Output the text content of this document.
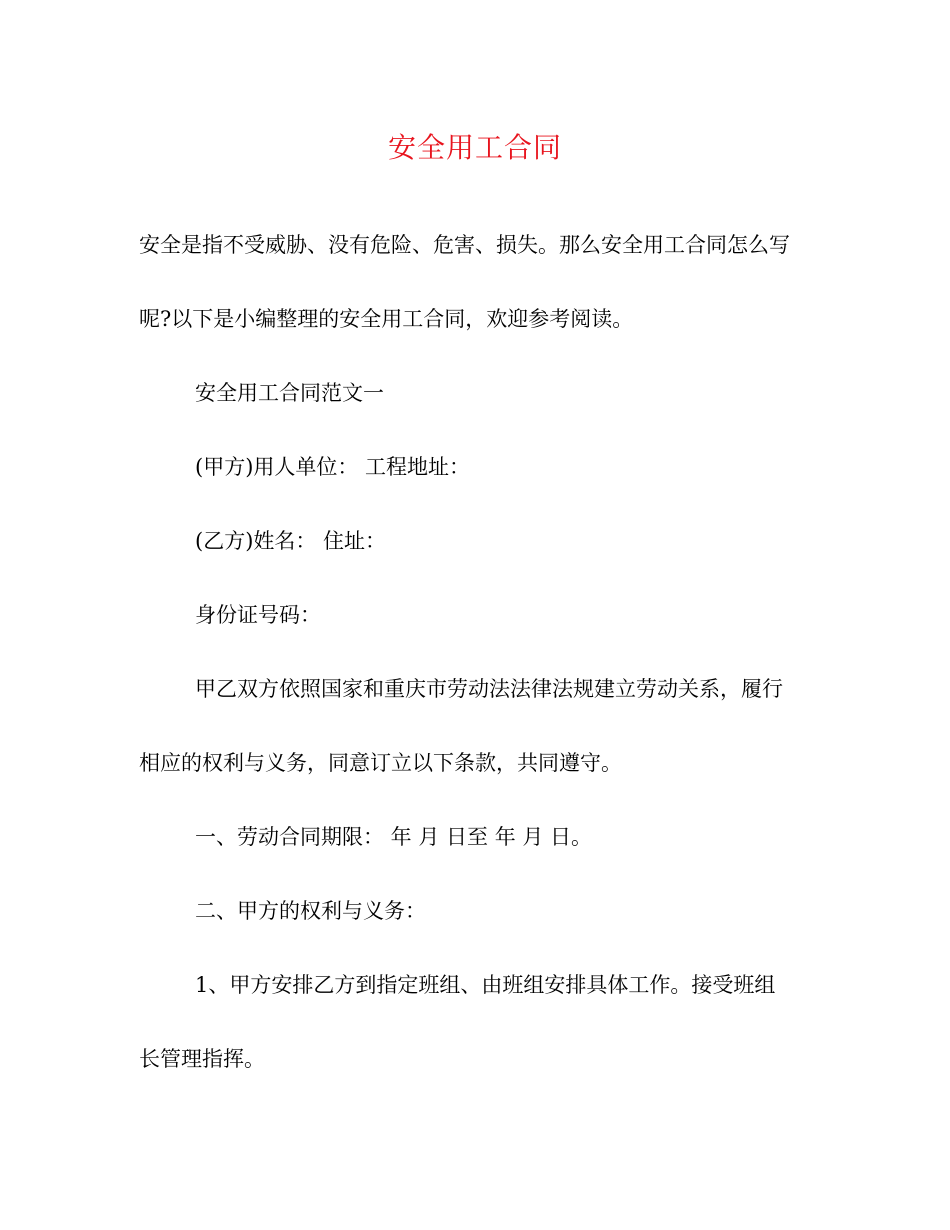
安全用工合同

安全是指不受威胁、没有危险、危害、损失。那么安全用工合同怎么写
呢?以下是小编整理的安全用工合同，欢迎参考阅读。

安全用工合同范文一

(甲方)用人单位： 工程地址：

(乙方)姓名： 住址：

身份证号码：

甲乙双方依照国家和重庆市劳动法法律法规建立劳动关系，履行
相应的权利与义务，同意订立以下条款，共同遵守。

一、劳动合同期限： 年 月 日至 年 月 日。

二、甲方的权利与义务：

1、甲方安排乙方到指定班组、由班组安排具体工作。接受班组
长管理指挥。
